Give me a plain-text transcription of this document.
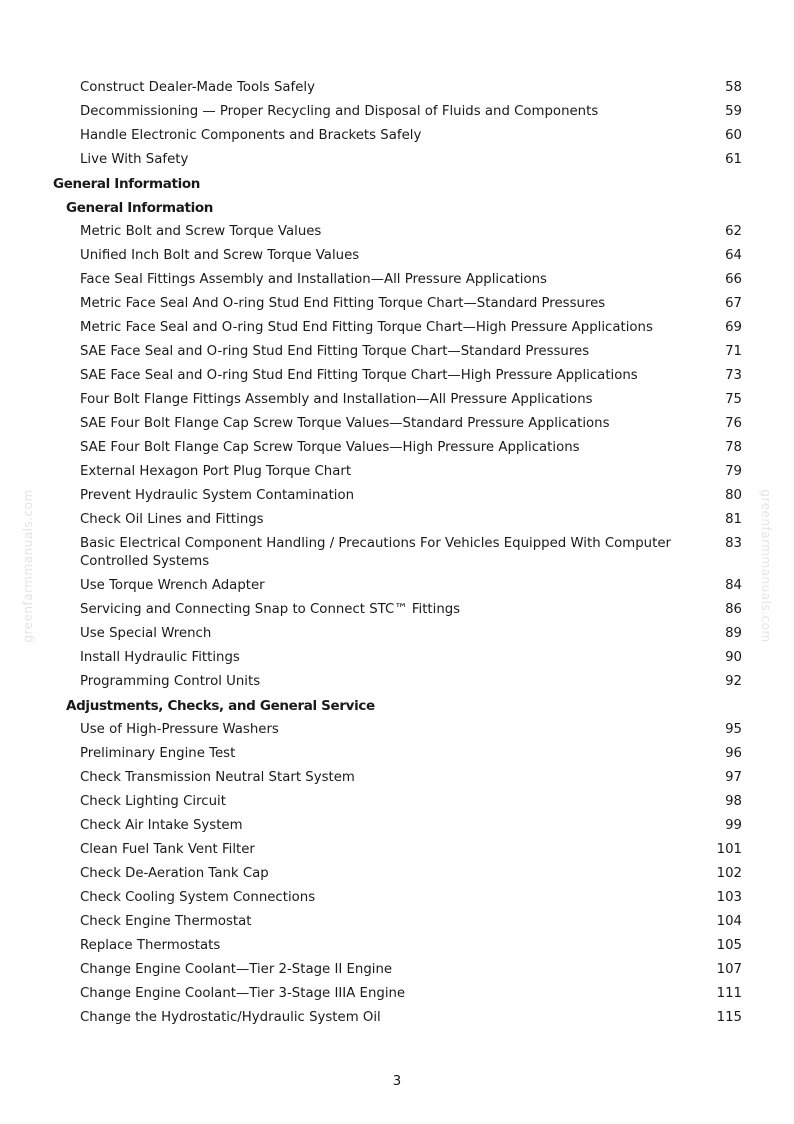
Construct Dealer-Made Tools Safely	58
Decommissioning — Proper Recycling and Disposal of Fluids and Components	59
Handle Electronic Components and Brackets Safely	60
Live With Safety	61
General Information
General Information
Metric Bolt and Screw Torque Values	62
Unified Inch Bolt and Screw Torque Values	64
Face Seal Fittings Assembly and Installation—All Pressure Applications	66
Metric Face Seal And O-ring Stud End Fitting Torque Chart—Standard Pressures	67
Metric Face Seal and O-ring Stud End Fitting Torque Chart—High Pressure Applications	69
SAE Face Seal and O-ring Stud End Fitting Torque Chart—Standard Pressures	71
SAE Face Seal and O-ring Stud End Fitting Torque Chart—High Pressure Applications	73
Four Bolt Flange Fittings Assembly and Installation—All Pressure Applications	75
SAE Four Bolt Flange Cap Screw Torque Values—Standard Pressure Applications	76
SAE Four Bolt Flange Cap Screw Torque Values—High Pressure Applications	78
External Hexagon Port Plug Torque Chart	79
Prevent Hydraulic System Contamination	80
Check Oil Lines and Fittings	81
Basic Electrical Component Handling / Precautions For Vehicles Equipped With Computer Controlled Systems
83
Use Torque Wrench Adapter	84
Servicing and Connecting Snap to Connect STC™ Fittings	86
Use Special Wrench	89
Install Hydraulic Fittings	90
Programming Control Units	92
Adjustments, Checks, and General Service
Use of High-Pressure Washers	95
Preliminary Engine Test	96
Check Transmission Neutral Start System	97
Check Lighting Circuit	98
Check Air Intake System	99
Clean Fuel Tank Vent Filter	101
Check De-Aeration Tank Cap	102
Check Cooling System Connections	103
Check Engine Thermostat	104
Replace Thermostats	105
Change Engine Coolant—Tier 2-Stage II Engine	107
Change Engine Coolant—Tier 3-Stage IIIA Engine	111
Change the Hydrostatic/Hydraulic System Oil	115
3
greenfarmmanuals.com	greenfarmmanuals.com
